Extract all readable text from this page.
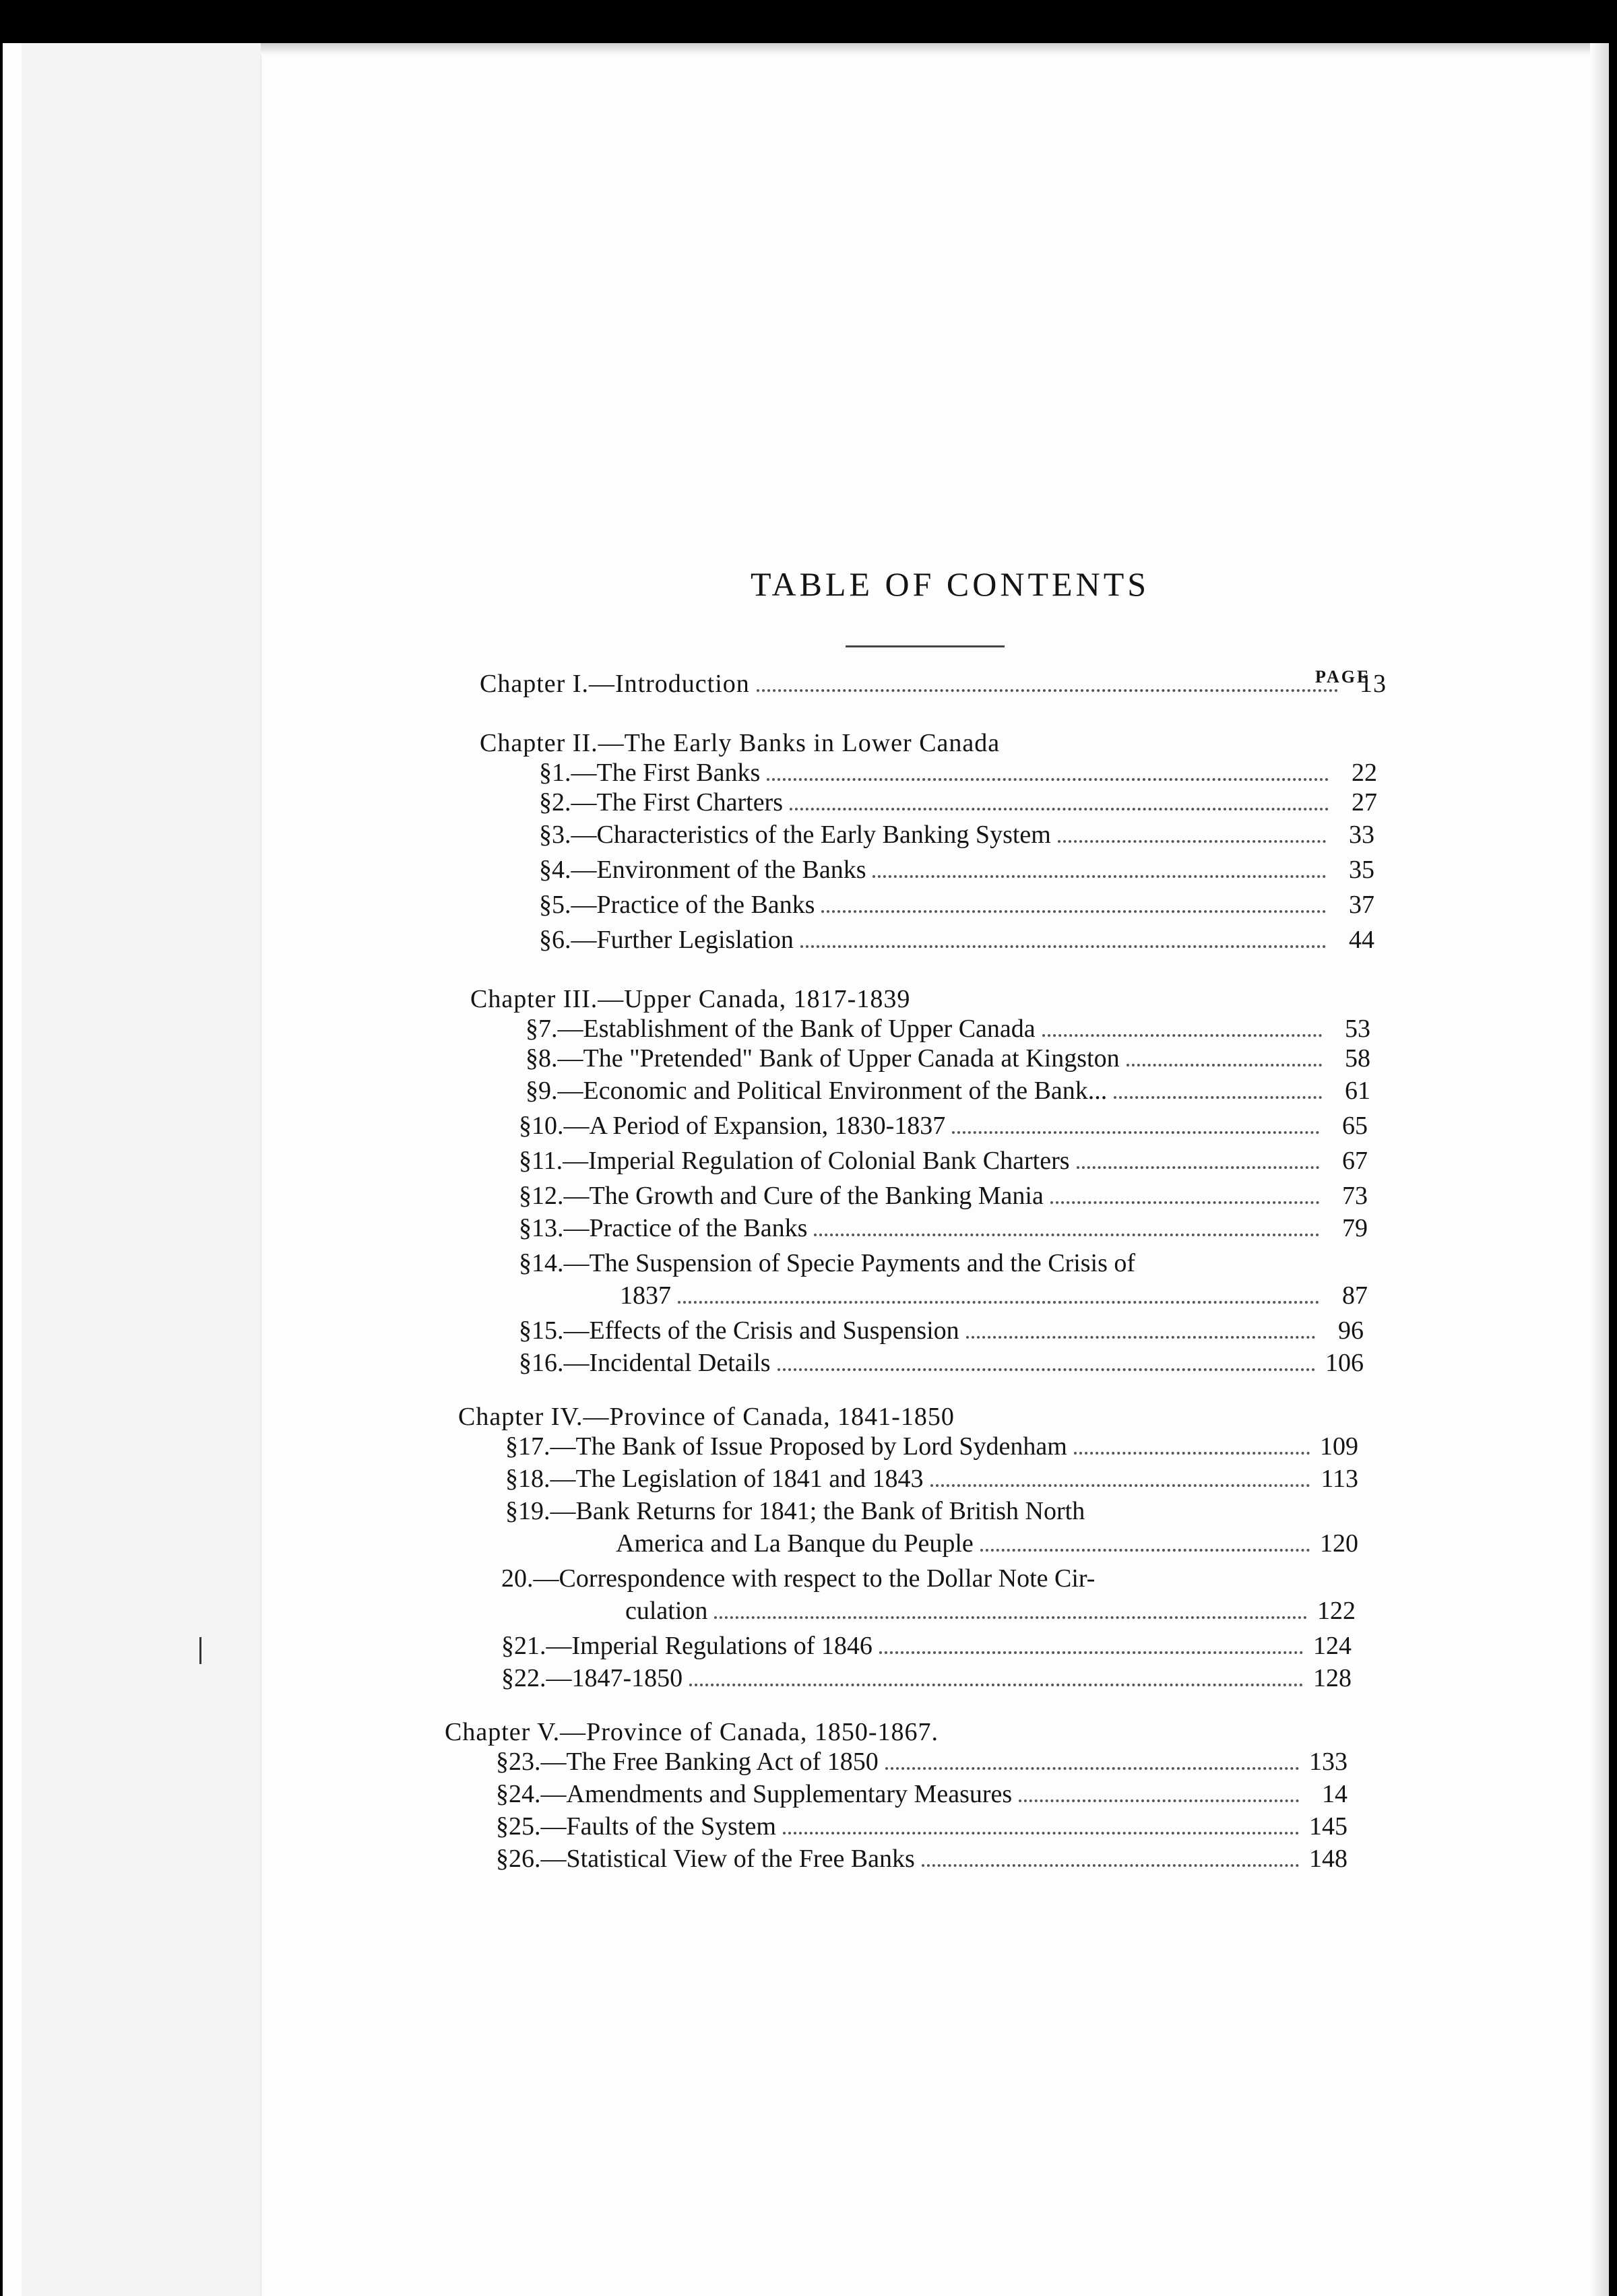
TABLE OF CONTENTS
PAGE
Chapter I.—Introduction	13
Chapter II.—The Early Banks in Lower Canada
§1.—The First Banks	22
§2.—The First Charters	27
§3.—Characteristics of the Early Banking System	33
§4.—Environment of the Banks	35
§5.—Practice of the Banks	37
§6.—Further Legislation	44
Chapter III.—Upper Canada, 1817-1839
§7.—Establishment of the Bank of Upper Canada	53
§8.—The "Pretended" Bank of Upper Canada at Kingston	58
§9.—Economic and Political Environment of the Bank...	61
§10.—A Period of Expansion, 1830-1837	65
§11.—Imperial Regulation of Colonial Bank Charters	67
§12.—The Growth and Cure of the Banking Mania	73
§13.—Practice of the Banks	79
§14.—The Suspension of Specie Payments and the Crisis of
1837	87
§15.—Effects of the Crisis and Suspension	96
§16.—Incidental Details	106
Chapter IV.—Province of Canada, 1841-1850
§17.—The Bank of Issue Proposed by Lord Sydenham	109
§18.—The Legislation of 1841 and 1843	113
§19.—Bank Returns for 1841; the Bank of British North
America and La Banque du Peuple	120
20.—Correspondence with respect to the Dollar Note Cir-
culation	122
§21.—Imperial Regulations of 1846	124
§22.—1847-1850	128
Chapter V.—Province of Canada, 1850-1867.
§23.—The Free Banking Act of 1850	133
§24.—Amendments and Supplementary Measures	14
§25.—Faults of the System	145
§26.—Statistical View of the Free Banks	148
